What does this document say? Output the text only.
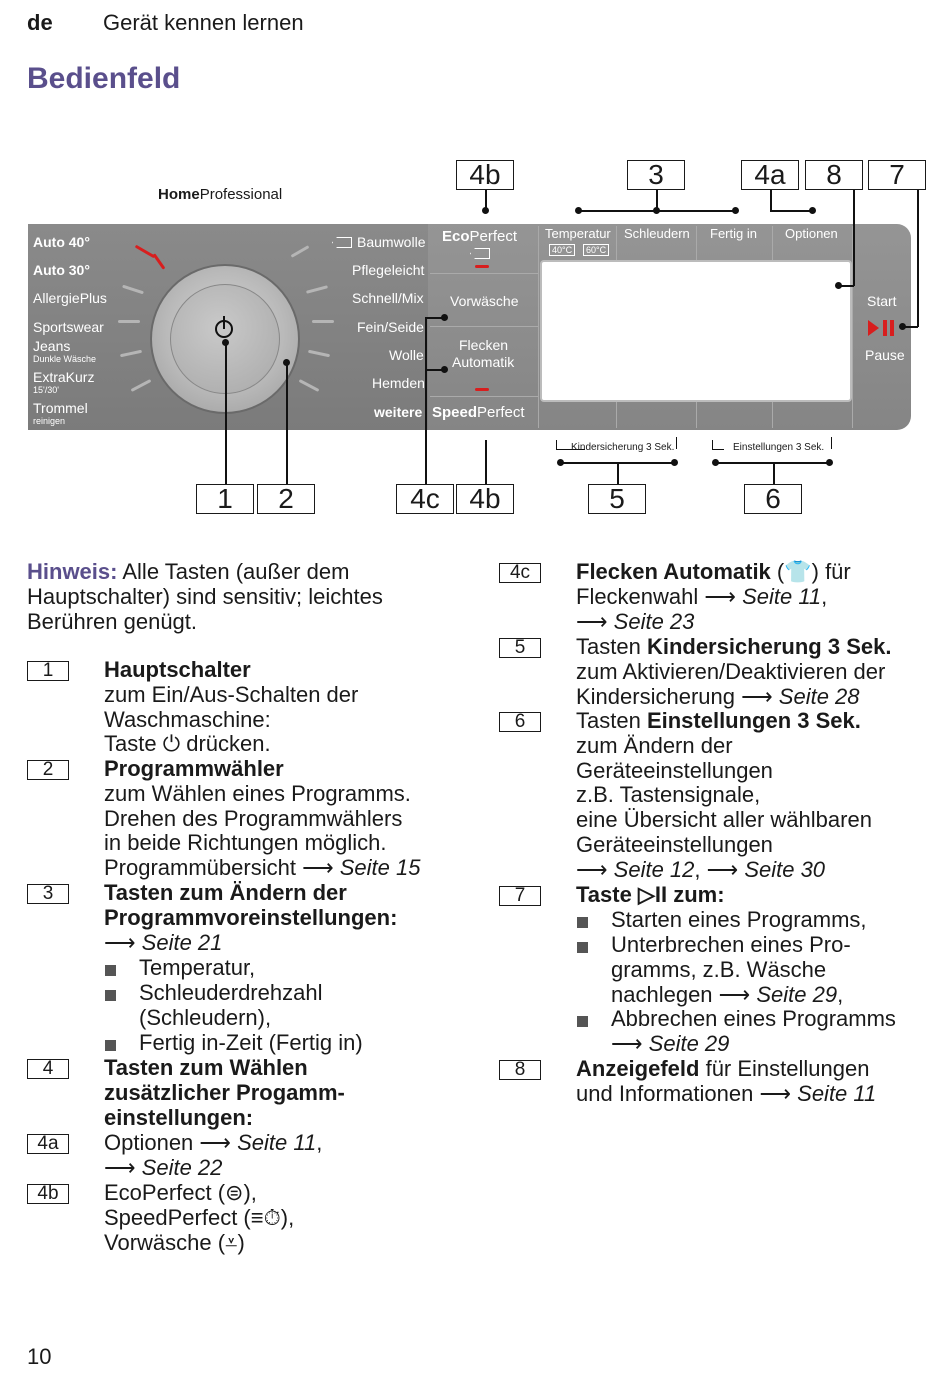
de Gerät kennen lernen
Bedienfeld
4b	3	4a	8	7
HomeProfessional
Auto 40°
Auto 30°
AllergiePlus
Sportswear
Jeans
Dunkle Wäsche
ExtraKurz
15'/30'
Trommel
reinigen
Baumwolle
Pflegeleicht
Schnell/Mix
Fein/Seide
Wolle
Hemden
weitere
EcoPerfect
Vorwäsche
Flecken
Automatik
SpeedPerfect
Temperatur
40°C	60°C
Schleudern Fertig in Optionen
Start
Pause
Kindersicherung 3 Sek.	Einstellungen 3 Sek.
1	2	4c	4b	5	6
Hinweis: Alle Tasten (außer dem
Hauptschalter) sind sensitiv; leichtes
Berühren genügt.
1	Hauptschalter
zum Ein/Aus-Schalten der
Waschmaschine:
Taste ⏻ drücken.
2	Programmwähler
zum Wählen eines Programms.
Drehen des Programmwählers
in beide Richtungen möglich.
Programmübersicht ⟶ Seite 15
3	Tasten zum Ändern der
Programmvoreinstellungen:
⟶ Seite 21
Temperatur,
Schleuderdrehzahl
(Schleudern),
Fertig in-Zeit (Fertig in)
4	Tasten zum Wählen
zusätzlicher Progamm-
einstellungen:
4a	Optionen ⟶ Seite 11,
⟶ Seite 22
4b	EcoPerfect (⊜),
SpeedPerfect (≡⏱),
Vorwäsche (⩡)
4c	Flecken Automatik (👕) für
Fleckenwahl ⟶ Seite 11,
⟶ Seite 23
5	Tasten Kindersicherung 3 Sek.
zum Aktivieren/Deaktivieren der
Kindersicherung ⟶ Seite 28
6	Tasten Einstellungen 3 Sek.
zum Ändern der
Geräteeinstellungen
z.B. Tastensignale,
eine Übersicht aller wählbaren
Geräteeinstellungen
⟶ Seite 12, ⟶ Seite 30
7	Taste ▷II zum:
Starten eines Programms,
Unterbrechen eines Pro-
gramms, z.B. Wäsche
nachlegen ⟶ Seite 29,
Abbrechen eines Programms
⟶ Seite 29
8	Anzeigefeld für Einstellungen
und Informationen ⟶ Seite 11
10
